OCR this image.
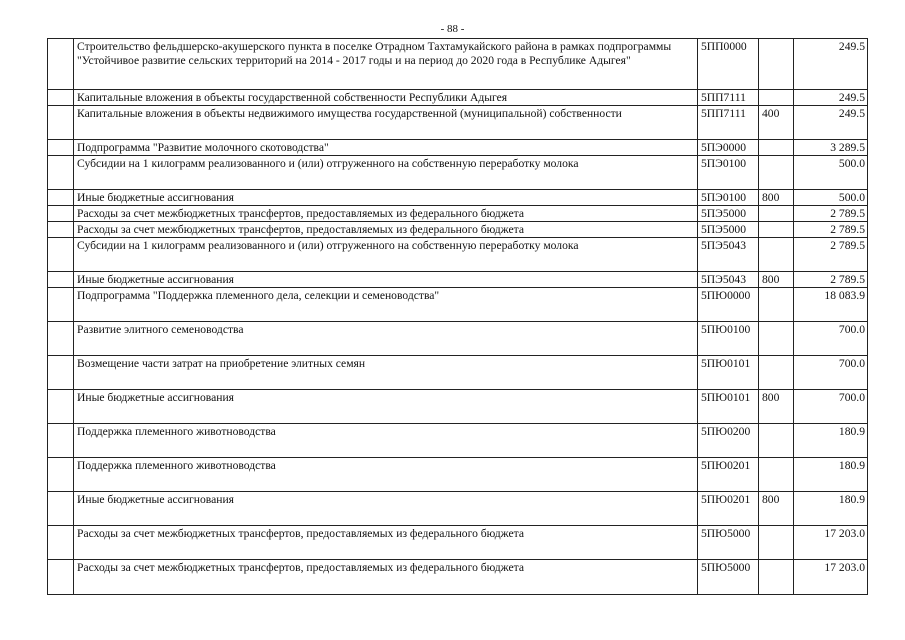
- 88 -
	Строительство фельдшерско-акушерского пункта в поселке Отрадном Тахтамукайского района в рамках подпрограммы "Устойчивое развитие сельских территорий на 2014 - 2017 годы и на период до 2020 года в Республике Адыгея"	5ПП0000		249.5
	Капитальные вложения в объекты государственной собственности Республики Адыгея	5ПП7111		249.5
	Капитальные вложения в объекты недвижимого имущества государственной (муниципальной) собственности	5ПП7111	400	249.5
	Подпрограмма "Развитие молочного скотоводства"	5ПЭ0000		3 289.5
	Субсидии на 1 килограмм реализованного и (или) отгруженного на собственную переработку молока	5ПЭ0100		500.0
	Иные бюджетные ассигнования	5ПЭ0100	800	500.0
	Расходы за счет межбюджетных трансфертов, предоставляемых из федерального бюджета	5ПЭ5000		2 789.5
	Расходы за счет межбюджетных трансфертов, предоставляемых из федерального бюджета	5ПЭ5000		2 789.5
	Субсидии на 1 килограмм реализованного и (или) отгруженного на собственную переработку молока	5ПЭ5043		2 789.5
	Иные бюджетные ассигнования	5ПЭ5043	800	2 789.5
	Подпрограмма "Поддержка племенного дела, селекции и семеноводства"	5ПЮ0000		18 083.9
	Развитие элитного семеноводства	5ПЮ0100		700.0
	Возмещение части затрат на приобретение элитных семян	5ПЮ0101		700.0
	Иные бюджетные ассигнования	5ПЮ0101	800	700.0
	Поддержка племенного животноводства	5ПЮ0200		180.9
	Поддержка племенного животноводства	5ПЮ0201		180.9
	Иные бюджетные ассигнования	5ПЮ0201	800	180.9
	Расходы за счет межбюджетных трансфертов, предоставляемых из федерального бюджета	5ПЮ5000		17 203.0
	Расходы за счет межбюджетных трансфертов, предоставляемых из федерального бюджета	5ПЮ5000		17 203.0
